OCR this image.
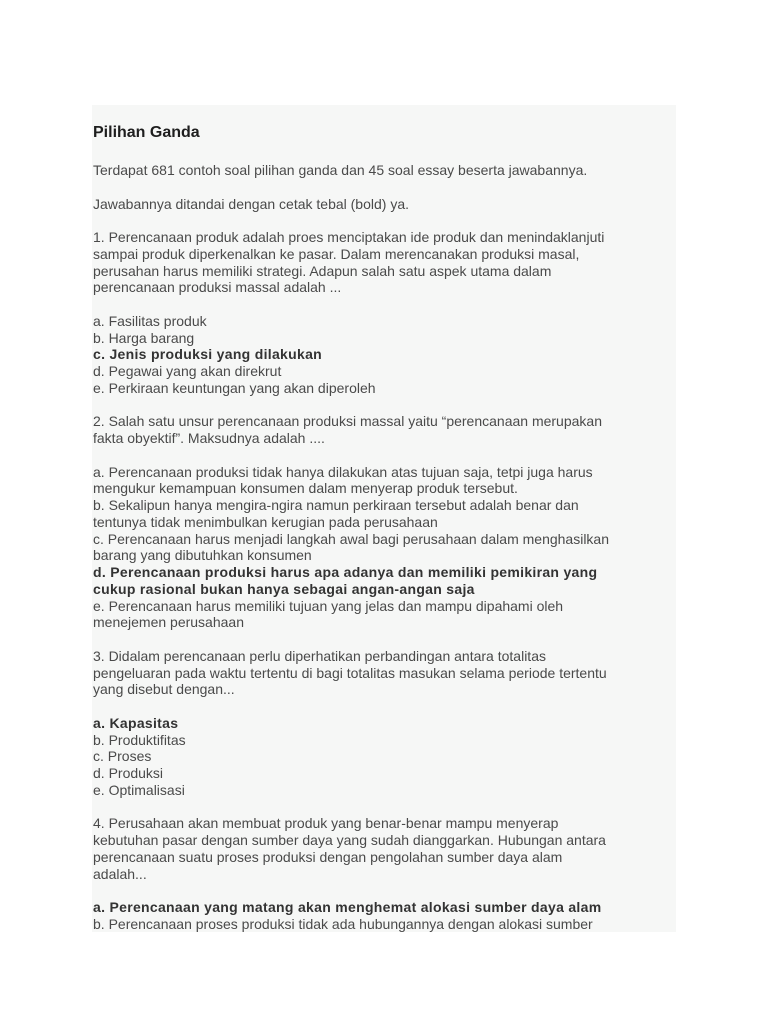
Pilihan Ganda
Terdapat 681 contoh soal pilihan ganda dan 45 soal essay beserta jawabannya.
Jawabannya ditandai dengan cetak tebal (bold) ya.
1. Perencanaan produk adalah proes menciptakan ide produk dan menindaklanjuti
sampai produk diperkenalkan ke pasar. Dalam merencanakan produksi masal,
perusahan harus memiliki strategi. Adapun salah satu aspek utama dalam
perencanaan produksi massal adalah ...
a. Fasilitas produk
b. Harga barang
c. Jenis produksi yang dilakukan
d. Pegawai yang akan direkrut
e. Perkiraan keuntungan yang akan diperoleh
2. Salah satu unsur perencanaan produksi massal yaitu “perencanaan merupakan
fakta obyektif”. Maksudnya adalah ....
a. Perencanaan produksi tidak hanya dilakukan atas tujuan saja, tetpi juga harus
mengukur kemampuan konsumen dalam menyerap produk tersebut.
b. Sekalipun hanya mengira-ngira namun perkiraan tersebut adalah benar dan
tentunya tidak menimbulkan kerugian pada perusahaan
c. Perencanaan harus menjadi langkah awal bagi perusahaan dalam menghasilkan
barang yang dibutuhkan konsumen
d. Perencanaan produksi harus apa adanya dan memiliki pemikiran yang
cukup rasional bukan hanya sebagai angan-angan saja
e. Perencanaan harus memiliki tujuan yang jelas dan mampu dipahami oleh
menejemen perusahaan
3. Didalam perencanaan perlu diperhatikan perbandingan antara totalitas
pengeluaran pada waktu tertentu di bagi totalitas masukan selama periode tertentu
yang disebut dengan...
a. Kapasitas
b. Produktifitas
c. Proses
d. Produksi
e. Optimalisasi
4. Perusahaan akan membuat produk yang benar-benar mampu menyerap
kebutuhan pasar dengan sumber daya yang sudah dianggarkan. Hubungan antara
perencanaan suatu proses produksi dengan pengolahan sumber daya alam
adalah...
a. Perencanaan yang matang akan menghemat alokasi sumber daya alam
b. Perencanaan proses produksi tidak ada hubungannya dengan alokasi sumber
